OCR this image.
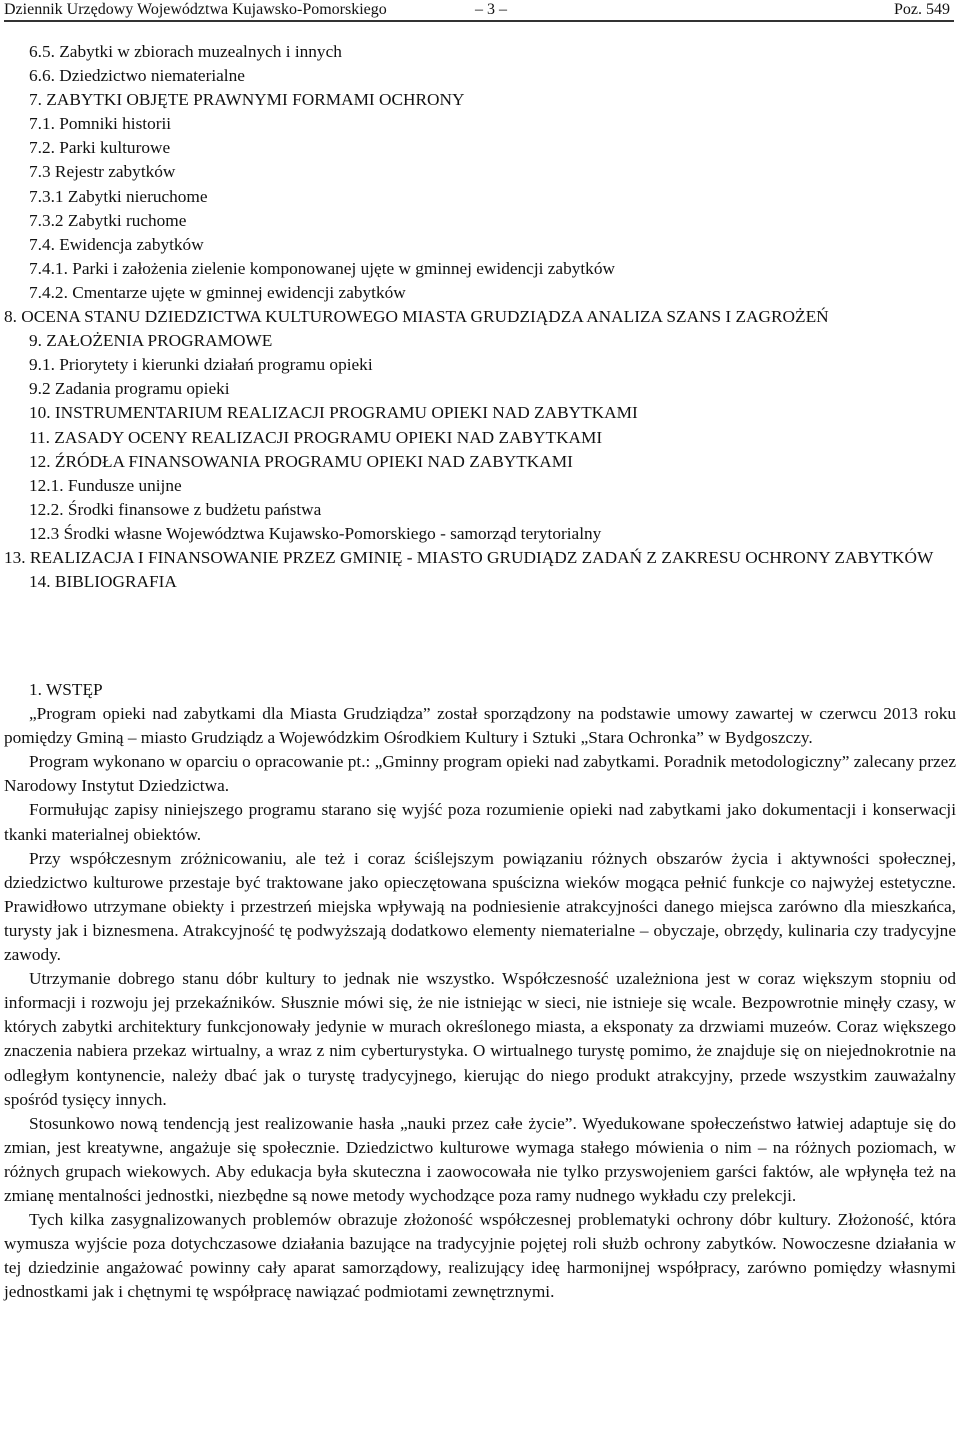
Dziennik Urzędowy Województwa Kujawsko-Pomorskiego	– 3 –	Poz. 549
6.5. Zabytki w zbiorach muzealnych i innych
6.6. Dziedzictwo niematerialne
7. ZABYTKI OBJĘTE PRAWNYMI FORMAMI OCHRONY
7.1. Pomniki historii
7.2. Parki kulturowe
7.3 Rejestr zabytków
7.3.1 Zabytki nieruchome
7.3.2 Zabytki ruchome
7.4. Ewidencja zabytków
7.4.1. Parki i założenia zielenie komponowanej ujęte w gminnej ewidencji zabytków
7.4.2. Cmentarze ujęte w gminnej ewidencji zabytków
8. OCENA STANU DZIEDZICTWA KULTUROWEGO MIASTA GRUDZIĄDZA ANALIZA SZANS I ZAGROŻEŃ
9. ZAŁOŻENIA PROGRAMOWE
9.1. Priorytety i kierunki działań programu opieki
9.2 Zadania programu opieki
10. INSTRUMENTARIUM REALIZACJI PROGRAMU OPIEKI NAD ZABYTKAMI
11. ZASADY OCENY REALIZACJI PROGRAMU OPIEKI NAD ZABYTKAMI
12. ŹRÓDŁA FINANSOWANIA PROGRAMU OPIEKI NAD ZABYTKAMI
12.1. Fundusze unijne
12.2. Środki finansowe z budżetu państwa
12.3 Środki własne Województwa Kujawsko-Pomorskiego - samorząd terytorialny
13. REALIZACJA I FINANSOWANIE PRZEZ GMINIĘ - MIASTO GRUDIĄDZ ZADAŃ Z ZAKRESU OCHRONY ZABYTKÓW
14. BIBLIOGRAFIA
1. WSTĘP

„Program opieki nad zabytkami dla Miasta Grudziądza” został sporządzony na podstawie umowy zawartej w czerwcu 2013 roku pomiędzy Gminą – miasto Grudziądz a Wojewódzkim Ośrodkiem Kultury i Sztuki „Stara Ochronka” w Bydgoszczy.

Program wykonano w oparciu o opracowanie pt.: „Gminny program opieki nad zabytkami. Poradnik metodologiczny” zalecany przez Narodowy Instytut Dziedzictwa.

Formułując zapisy niniejszego programu starano się wyjść poza rozumienie opieki nad zabytkami jako dokumentacji i konserwacji tkanki materialnej obiektów.

Przy współczesnym zróżnicowaniu, ale też i coraz ściślejszym powiązaniu różnych obszarów życia i aktywności społecznej, dziedzictwo kulturowe przestaje być traktowane jako opieczętowana spuścizna wieków mogąca pełnić funkcje co najwyżej estetyczne. Prawidłowo utrzymane obiekty i przestrzeń miejska wpływają na podniesienie atrakcyjności danego miejsca zarówno dla mieszkańca, turysty jak i biznesmena. Atrakcyjność tę podwyższają dodatkowo elementy niematerialne – obyczaje, obrzędy, kulinaria czy tradycyjne zawody.

Utrzymanie dobrego stanu dóbr kultury to jednak nie wszystko. Współczesność uzależniona jest w coraz większym stopniu od informacji i rozwoju jej przekaźników. Słusznie mówi się, że nie istniejąc w sieci, nie istnieje się wcale. Bezpowrotnie minęły czasy, w których zabytki architektury funkcjonowały jedynie w murach określonego miasta, a eksponaty za drzwiami muzeów. Coraz większego znaczenia nabiera przekaz wirtualny, a wraz z nim cyberturystyka. O wirtualnego turystę pomimo, że znajduje się on niejednokrotnie na odległym kontynencie, należy dbać jak o turystę tradycyjnego, kierując do niego produkt atrakcyjny, przede wszystkim zauważalny spośród tysięcy innych.

Stosunkowo nową tendencją jest realizowanie hasła „nauki przez całe życie”. Wyedukowane społeczeństwo łatwiej adaptuje się do zmian, jest kreatywne, angażuje się społecznie. Dziedzictwo kulturowe wymaga stałego mówienia o nim – na różnych poziomach, w różnych grupach wiekowych. Aby edukacja była skuteczna i zaowocowała nie tylko przyswojeniem garści faktów, ale wpłynęła też na zmianę mentalności jednostki, niezbędne są nowe metody wychodzące poza ramy nudnego wykładu czy prelekcji.

Tych kilka zasygnalizowanych problemów obrazuje złożoność współczesnej problematyki ochrony dóbr kultury. Złożoność, która wymusza wyjście poza dotychczasowe działania bazujące na tradycyjnie pojętej roli służb ochrony zabytków. Nowoczesne działania w tej dziedzinie angażować powinny cały aparat samorządowy, realizujący ideę harmonijnej współpracy, zarówno pomiędzy własnymi jednostkami jak i chętnymi tę współpracę nawiązać podmiotami zewnętrznymi.
